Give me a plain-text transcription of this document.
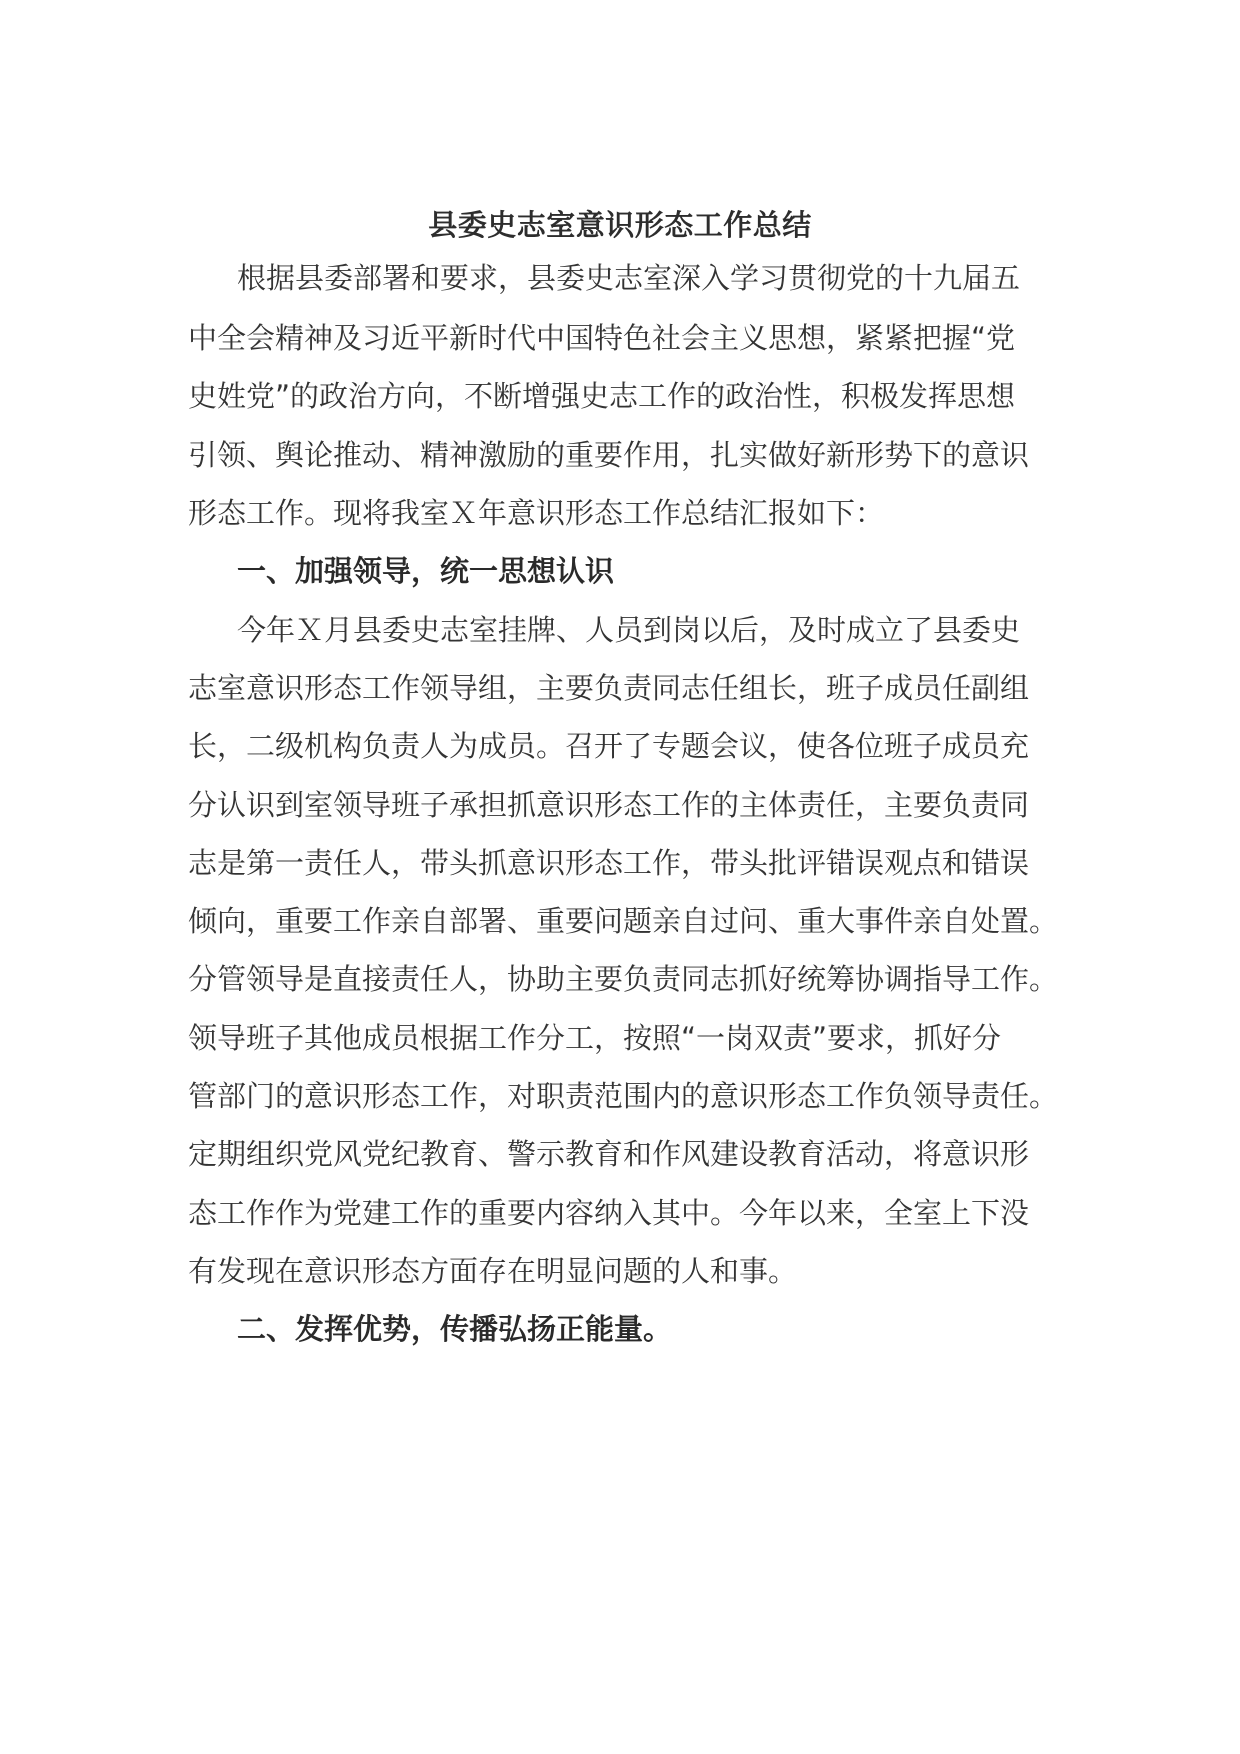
县委史志室意识形态工作总结
根据县委部署和要求，县委史志室深入学习贯彻党的十九届五
中全会精神及习近平新时代中国特色社会主义思想，紧紧把握“党
史姓党”的政治方向，不断增强史志工作的政治性，积极发挥思想
引领、舆论推动、精神激励的重要作用，扎实做好新形势下的意识
形态工作。现将我室Ｘ年意识形态工作总结汇报如下：
一、加强领导，统一思想认识
今年Ｘ月县委史志室挂牌、人员到岗以后，及时成立了县委史
志室意识形态工作领导组，主要负责同志任组长，班子成员任副组
长，二级机构负责人为成员。召开了专题会议，使各位班子成员充
分认识到室领导班子承担抓意识形态工作的主体责任，主要负责同
志是第一责任人，带头抓意识形态工作，带头批评错误观点和错误
倾向，重要工作亲自部署、重要问题亲自过问、重大事件亲自处置。
分管领导是直接责任人，协助主要负责同志抓好统筹协调指导工作。
领导班子其他成员根据工作分工，按照“一岗双责”要求，抓好分
管部门的意识形态工作，对职责范围内的意识形态工作负领导责任。
定期组织党风党纪教育、警示教育和作风建设教育活动，将意识形
态工作作为党建工作的重要内容纳入其中。今年以来，全室上下没
有发现在意识形态方面存在明显问题的人和事。
二、发挥优势，传播弘扬正能量。
